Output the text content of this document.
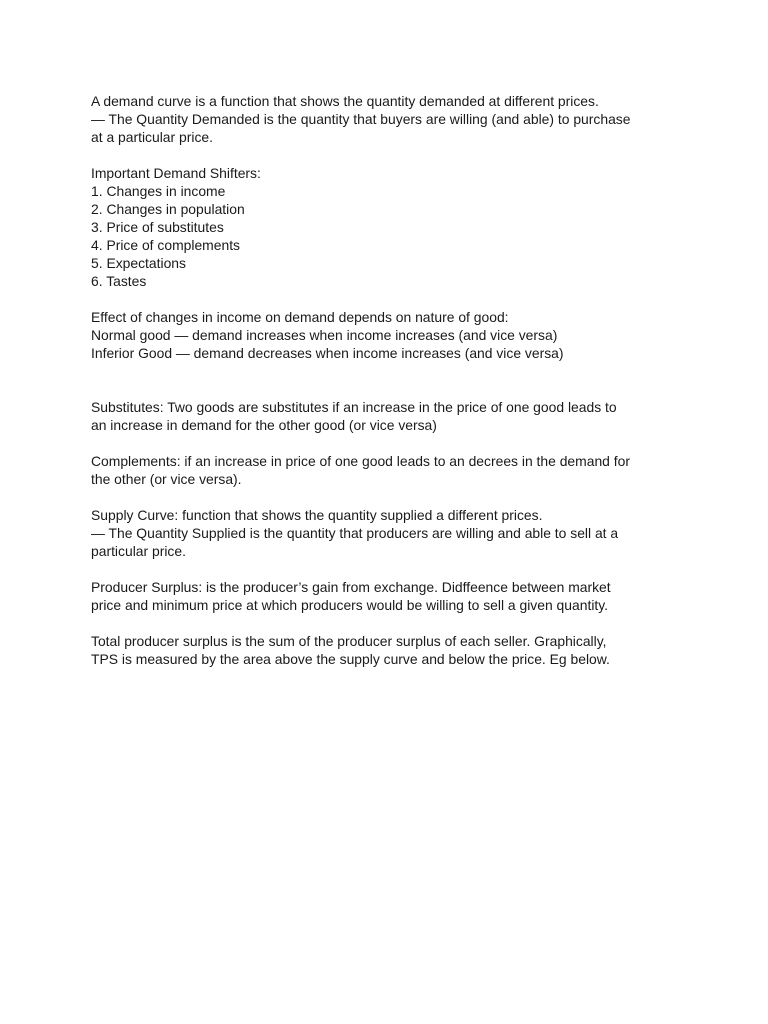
A demand curve is a function that shows the quantity demanded at different prices.
— The Quantity Demanded is the quantity that buyers are willing (and able) to purchase
at a particular price.
Important Demand Shifters:
1. Changes in income
2. Changes in population
3. Price of substitutes
4. Price of complements
5. Expectations
6. Tastes
Effect of changes in income on demand depends on nature of good:
Normal good — demand increases when income increases (and vice versa)
Inferior Good — demand decreases when income increases (and vice versa)
Substitutes: Two goods are substitutes if an increase in the price of one good leads to
an increase in demand for the other good (or vice versa)
Complements: if an increase in price of one good leads to an decrees in the demand for
the other (or vice versa).
Supply Curve: function that shows the quantity supplied a different prices.
— The Quantity Supplied is the quantity that producers are willing and able to sell at a
particular price.
Producer Surplus: is the producer’s gain from exchange. Didffeence between market
price and minimum price at which producers would be willing to sell a given quantity.
Total producer surplus is the sum of the producer surplus of each seller. Graphically,
TPS is measured by the area above the supply curve and below the price. Eg below.
